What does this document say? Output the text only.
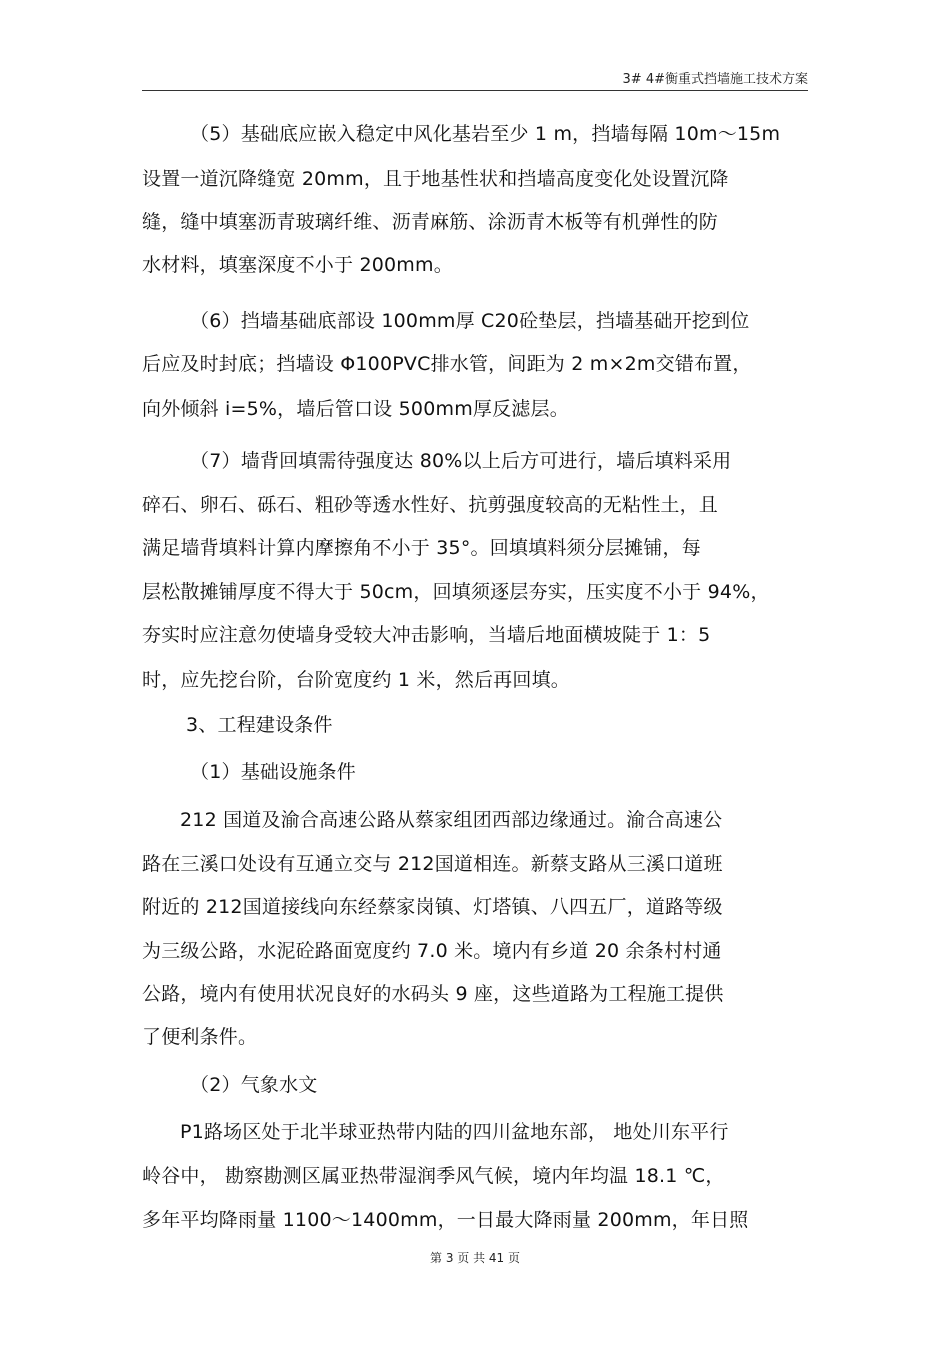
3# 4#衡重式挡墙施工技术方案
（5）基础底应嵌入稳定中风化基岩至少 1 m，挡墙每隔 10m～15m
设置一道沉降缝宽 20mm，且于地基性状和挡墙高度变化处设置沉降
缝，缝中填塞沥青玻璃纤维、沥青麻筋、涂沥青木板等有机弹性的防
水材料，填塞深度不小于 200mm。
（6）挡墙基础底部设 100mm厚 C20砼垫层，挡墙基础开挖到位
后应及时封底；挡墙设 Φ100PVC排水管，间距为 2 m×2m交错布置，
向外倾斜 i=5%，墙后管口设 500mm厚反滤层。
（7）墙背回填需待强度达 80%以上后方可进行，墙后填料采用
碎石、卵石、砾石、粗砂等透水性好、抗剪强度较高的无粘性土，且
满足墙背填料计算内摩擦角不小于 35°。回填填料须分层摊铺，每
层松散摊铺厚度不得大于 50cm，回填须逐层夯实，压实度不小于 94%，
夯实时应注意勿使墙身受较大冲击影响，当墙后地面横坡陡于 1：5
时，应先挖台阶，台阶宽度约 1 米，然后再回填。
3、工程建设条件
（1）基础设施条件
212 国道及渝合高速公路从蔡家组团西部边缘通过。渝合高速公
路在三溪口处设有互通立交与 212国道相连。新蔡支路从三溪口道班
附近的 212国道接线向东经蔡家岗镇、灯塔镇、八四五厂，道路等级
为三级公路，水泥砼路面宽度约 7.0 米。境内有乡道 20 余条村村通
公路，境内有使用状况良好的水码头 9 座，这些道路为工程施工提供
了便利条件。
（2）气象水文
P1路场区处于北半球亚热带内陆的四川盆地东部， 地处川东平行
岭谷中， 勘察勘测区属亚热带湿润季风气候，境内年均温 18.1 ℃，
多年平均降雨量 1100～1400mm，一日最大降雨量 200mm，年日照
第 3 页 共 41 页
